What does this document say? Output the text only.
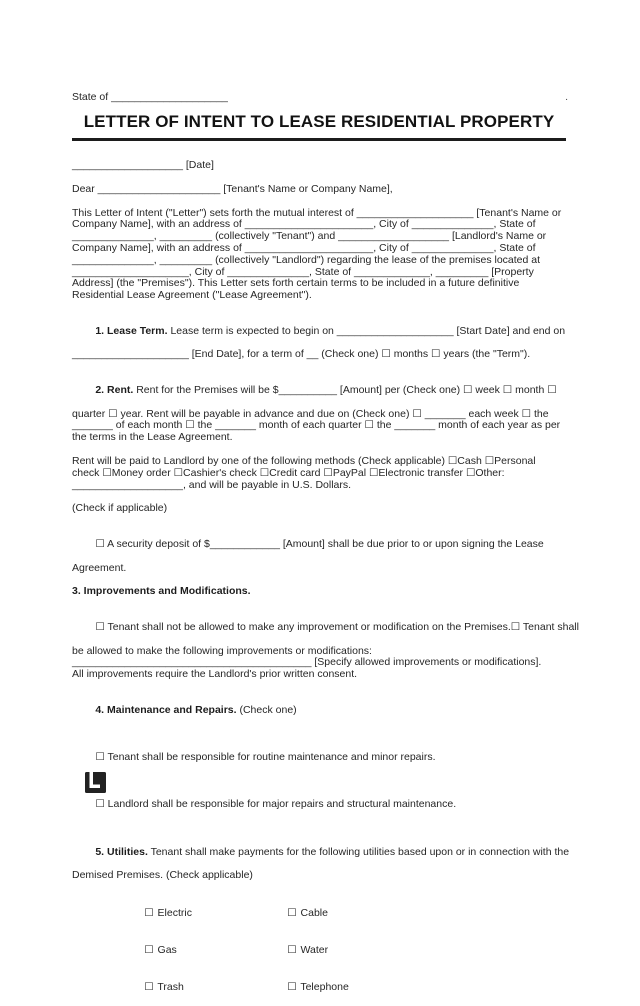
State of ____________________	.
LETTER OF INTENT TO LEASE RESIDENTIAL PROPERTY
___________________ [Date]
Dear _____________________ [Tenant's Name or Company Name],
This Letter of Intent ("Letter") sets forth the mutual interest of ____________________ [Tenant's Name or
Company Name], with an address of ______________________, City of ______________, State of
______________, _________ (collectively "Tenant") and ___________________ [Landlord's Name or
Company Name], with an address of ______________________, City of ______________, State of
______________, _________ (collectively "Landlord") regarding the lease of the premises located at
____________________, City of ______________, State of _____________, _________ [Property
Address] (the "Premises"). This Letter sets forth certain terms to be included in a future definitive
Residential Lease Agreement ("Lease Agreement").

1. Lease Term. Lease term is expected to begin on ____________________ [Start Date] and end on

____________________ [End Date], for a term of __ (Check one) ☐ months ☐ years (the "Term").

2. Rent. Rent for the Premises will be $__________ [Amount] per (Check one) ☐ week ☐ month ☐

quarter ☐ year. Rent will be payable in advance and due on (Check one) ☐ _______ each week ☐ the
_______ of each month ☐ the _______ month of each quarter ☐ the _______ month of each year as per
the terms in the Lease Agreement.
Rent will be paid to Landlord by one of the following methods (Check applicable) ☐Cash ☐Personal
check ☐Money order ☐Cashier's check ☐Credit card ☐PayPal ☐Electronic transfer ☐Other:
___________________, and will be payable in U.S. Dollars.
(Check if applicable)

☐ A security deposit of $____________ [Amount] shall be due prior to or upon signing the Lease

Agreement.
3. Improvements and Modifications.

☐ Tenant shall not be allowed to make any improvement or modification on the Premises.☐ Tenant shall

be allowed to make the following improvements or modifications:
_________________________________________ [Specify allowed improvements or modifications].
All improvements require the Landlord's prior written consent.

4. Maintenance and Repairs. (Check one)

☐ Tenant shall be responsible for routine maintenance and minor repairs.

☐ Landlord shall be responsible for major repairs and structural maintenance.

5. Utilities. Tenant shall make payments for the following utilities based upon or in connection with the

Demised Premises. (Check applicable)

☐ Electric

☐ Gas

☐ Trash

☐ Cable

☐ Water

☐ Telephone
